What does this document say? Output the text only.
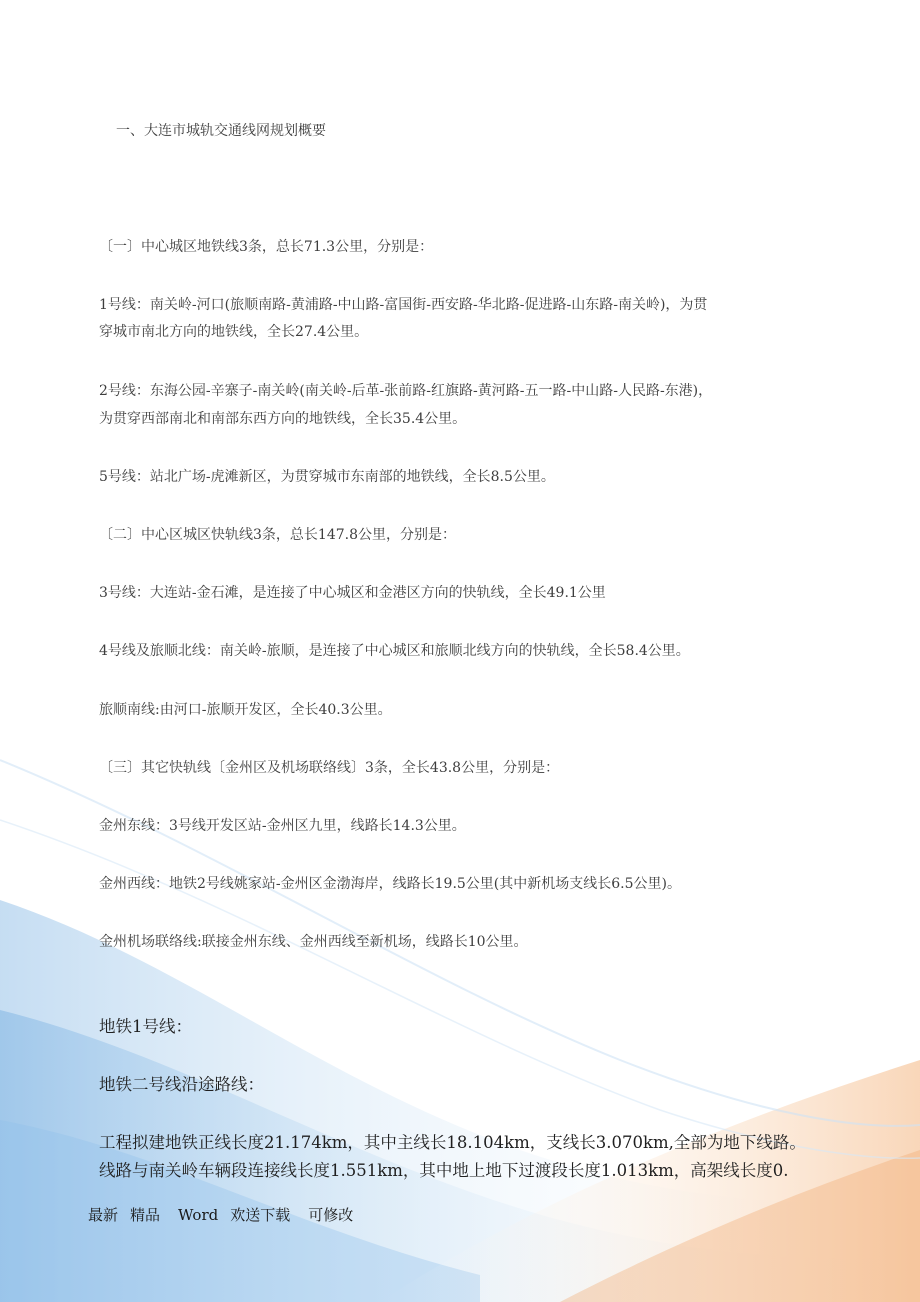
一、大连市城轨交通线网规划概要
〔一〕中心城区地铁线3条，总长71.3公里，分别是：
1号线：南关岭-河口(旅顺南路-黄浦路-中山路-富国街-西安路-华北路-促进路-山东路-南关岭)，为贯
穿城市南北方向的地铁线，全长27.4公里。
2号线：东海公园-辛寨子-南关岭(南关岭-后革-张前路-红旗路-黄河路-五一路-中山路-人民路-东港)，
为贯穿西部南北和南部东西方向的地铁线，全长35.4公里。
5号线：站北广场-虎滩新区，为贯穿城市东南部的地铁线，全长8.5公里。
〔二〕中心区城区快轨线3条，总长147.8公里，分别是：
3号线：大连站-金石滩，是连接了中心城区和金港区方向的快轨线，全长49.1公里
4号线及旅顺北线：南关岭-旅顺，是连接了中心城区和旅顺北线方向的快轨线，全长58.4公里。
旅顺南线:由河口-旅顺开发区，全长40.3公里。
〔三〕其它快轨线〔金州区及机场联络线〕3条，全长43.8公里，分别是：
金州东线：3号线开发区站-金州区九里，线路长14.3公里。
金州西线：地铁2号线姚家站-金州区金渤海岸，线路长19.5公里(其中新机场支线长6.5公里)。
金州机场联络线:联接金州东线、金州西线至新机场，线路长10公里。
地铁1号线：
地铁二号线沿途路线：
工程拟建地铁正线长度21.174km，其中主线长18.104km，支线长3.070km,全部为地下线路。
线路与南关岭车辆段连接线长度1.551km，其中地上地下过渡段长度1.013km，高架线长度0.
最新 精品 Word 欢送下载 可修改
